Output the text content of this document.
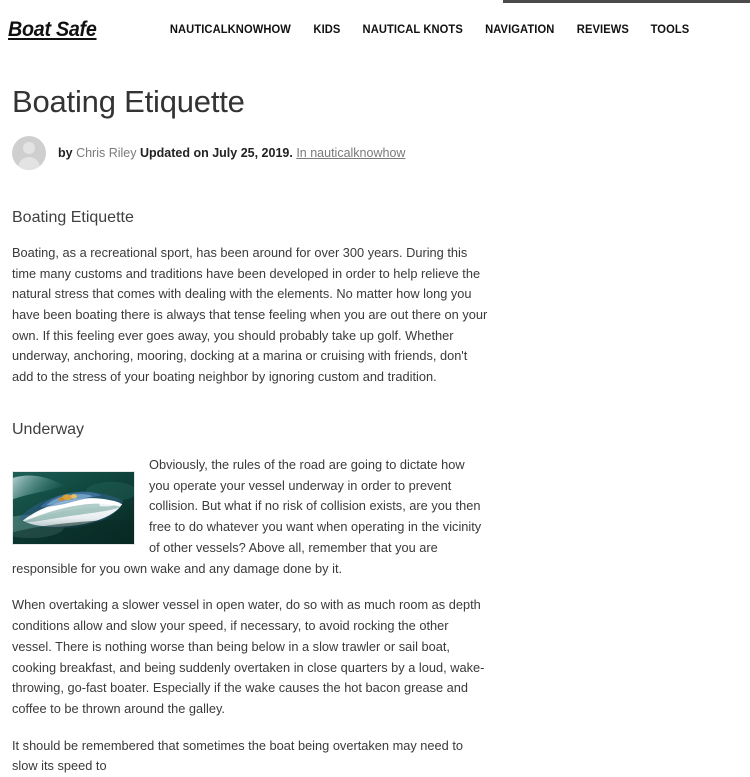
Boat Safe	NAUTICALKNOWHOW	KIDS	NAUTICAL KNOTS	NAVIGATION	REVIEWS	TOOLS
Boating Etiquette
by Chris Riley Updated on July 25, 2019. In nauticalknowhow
Boating Etiquette

Boating, as a recreational sport, has been around for over 300 years. During this time many customs and traditions have been developed in order to help relieve the natural stress that comes with dealing with the elements. No matter how long you have been boating there is always that tense feeling when you are out there on your own. If this feeling ever goes away, you should probably take up golf. Whether underway, anchoring, mooring, docking at a marina or cruising with friends, don't add to the stress of your boating neighbor by ignoring custom and tradition.

Underway

Obviously, the rules of the road are going to dictate how you operate your vessel underway in order to prevent collision. But what if no risk of collision exists, are you then free to do whatever you want when operating in the vicinity of other vessels? Above all, remember that you are responsible for you own wake and any damage done by it.

When overtaking a slower vessel in open water, do so with as much room as depth conditions allow and slow your speed, if necessary, to avoid rocking the other vessel. There is nothing worse than being below in a slow trawler or sail boat, cooking breakfast, and being suddenly overtaken in close quarters by a loud, wake-throwing, go-fast boater. Especially if the wake causes the hot bacon grease and coffee to be thrown around the galley.

It should be remembered that sometimes the boat being overtaken may need to slow its speed to
